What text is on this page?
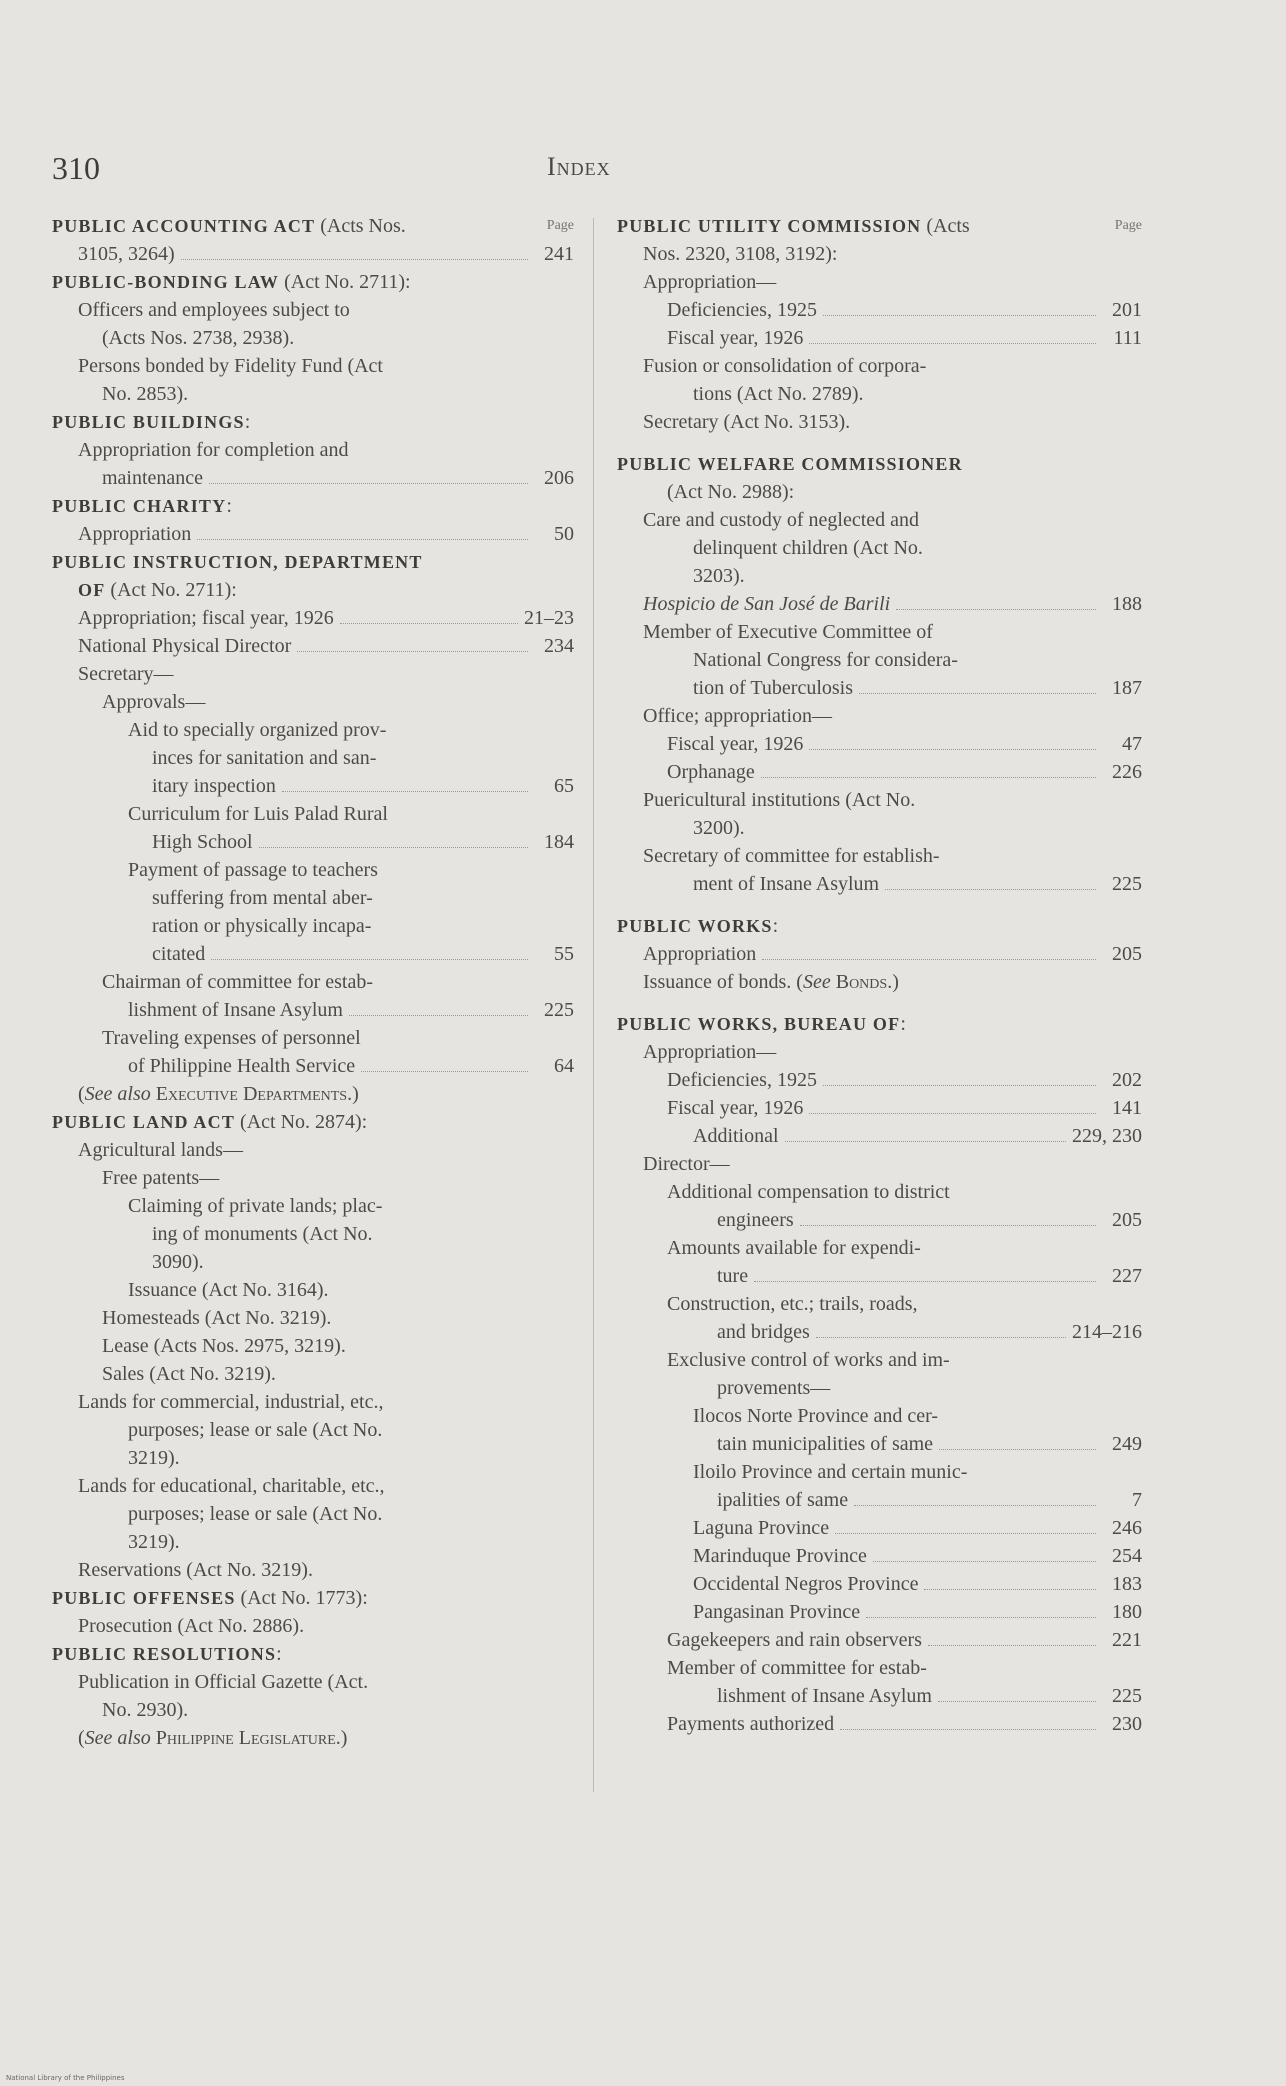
310	Index
Page
PUBLIC ACCOUNTING ACT (Acts Nos.
3105, 3264)	241
PUBLIC-BONDING LAW (Act No. 2711):
Officers and employees subject to
(Acts Nos. 2738, 2938).
Persons bonded by Fidelity Fund (Act
No. 2853).
PUBLIC BUILDINGS:
Appropriation for completion and
maintenance	206
PUBLIC CHARITY:
Appropriation	50
PUBLIC INSTRUCTION, DEPARTMENT
OF (Act No. 2711):
Appropriation; fiscal year, 1926	21–23
National Physical Director	234
Secretary—
Approvals—
Aid to specially organized prov-
inces for sanitation and san-
itary inspection	65
Curriculum for Luis Palad Rural
High School	184
Payment of passage to teachers
suffering from mental aber-
ration or physically incapa-
citated	55
Chairman of committee for estab-
lishment of Insane Asylum	225
Traveling expenses of personnel
of Philippine Health Service	64
(See also Executive Departments.)
PUBLIC LAND ACT (Act No. 2874):
Agricultural lands—
Free patents—
Claiming of private lands; plac-
ing of monuments (Act No.
3090).
Issuance (Act No. 3164).
Homesteads (Act No. 3219).
Lease (Acts Nos. 2975, 3219).
Sales (Act No. 3219).
Lands for commercial, industrial, etc.,
purposes; lease or sale (Act No.
3219).
Lands for educational, charitable, etc.,
purposes; lease or sale (Act No.
3219).
Reservations (Act No. 3219).
PUBLIC OFFENSES (Act No. 1773):
Prosecution (Act No. 2886).
PUBLIC RESOLUTIONS:
Publication in Official Gazette (Act.
No. 2930).
(See also Philippine Legislature.)
Page
PUBLIC UTILITY COMMISSION (Acts
Nos. 2320, 3108, 3192):
Appropriation—
Deficiencies, 1925	201
Fiscal year, 1926	111
Fusion or consolidation of corpora-
tions (Act No. 2789).
Secretary (Act No. 3153).
PUBLIC WELFARE COMMISSIONER
(Act No. 2988):
Care and custody of neglected and
delinquent children (Act No.
3203).
Hospicio de San José de Barili	188
Member of Executive Committee of
National Congress for considera-
tion of Tuberculosis	187
Office; appropriation—
Fiscal year, 1926	47
Orphanage	226
Puericultural institutions (Act No.
3200).
Secretary of committee for establish-
ment of Insane Asylum	225
PUBLIC WORKS:
Appropriation	205
Issuance of bonds. (See Bonds.)
PUBLIC WORKS, BUREAU OF:
Appropriation—
Deficiencies, 1925	202
Fiscal year, 1926	141
Additional	229, 230
Director—
Additional compensation to district
engineers	205
Amounts available for expendi-
ture	227
Construction, etc.; trails, roads,
and bridges	214–216
Exclusive control of works and im-
provements—
Ilocos Norte Province and cer-
tain municipalities of same	249
Iloilo Province and certain munic-
ipalities of same	7
Laguna Province	246
Marinduque Province	254
Occidental Negros Province	183
Pangasinan Province	180
Gagekeepers and rain observers	221
Member of committee for estab-
lishment of Insane Asylum	225
Payments authorized	230
National Library of the Philippines
